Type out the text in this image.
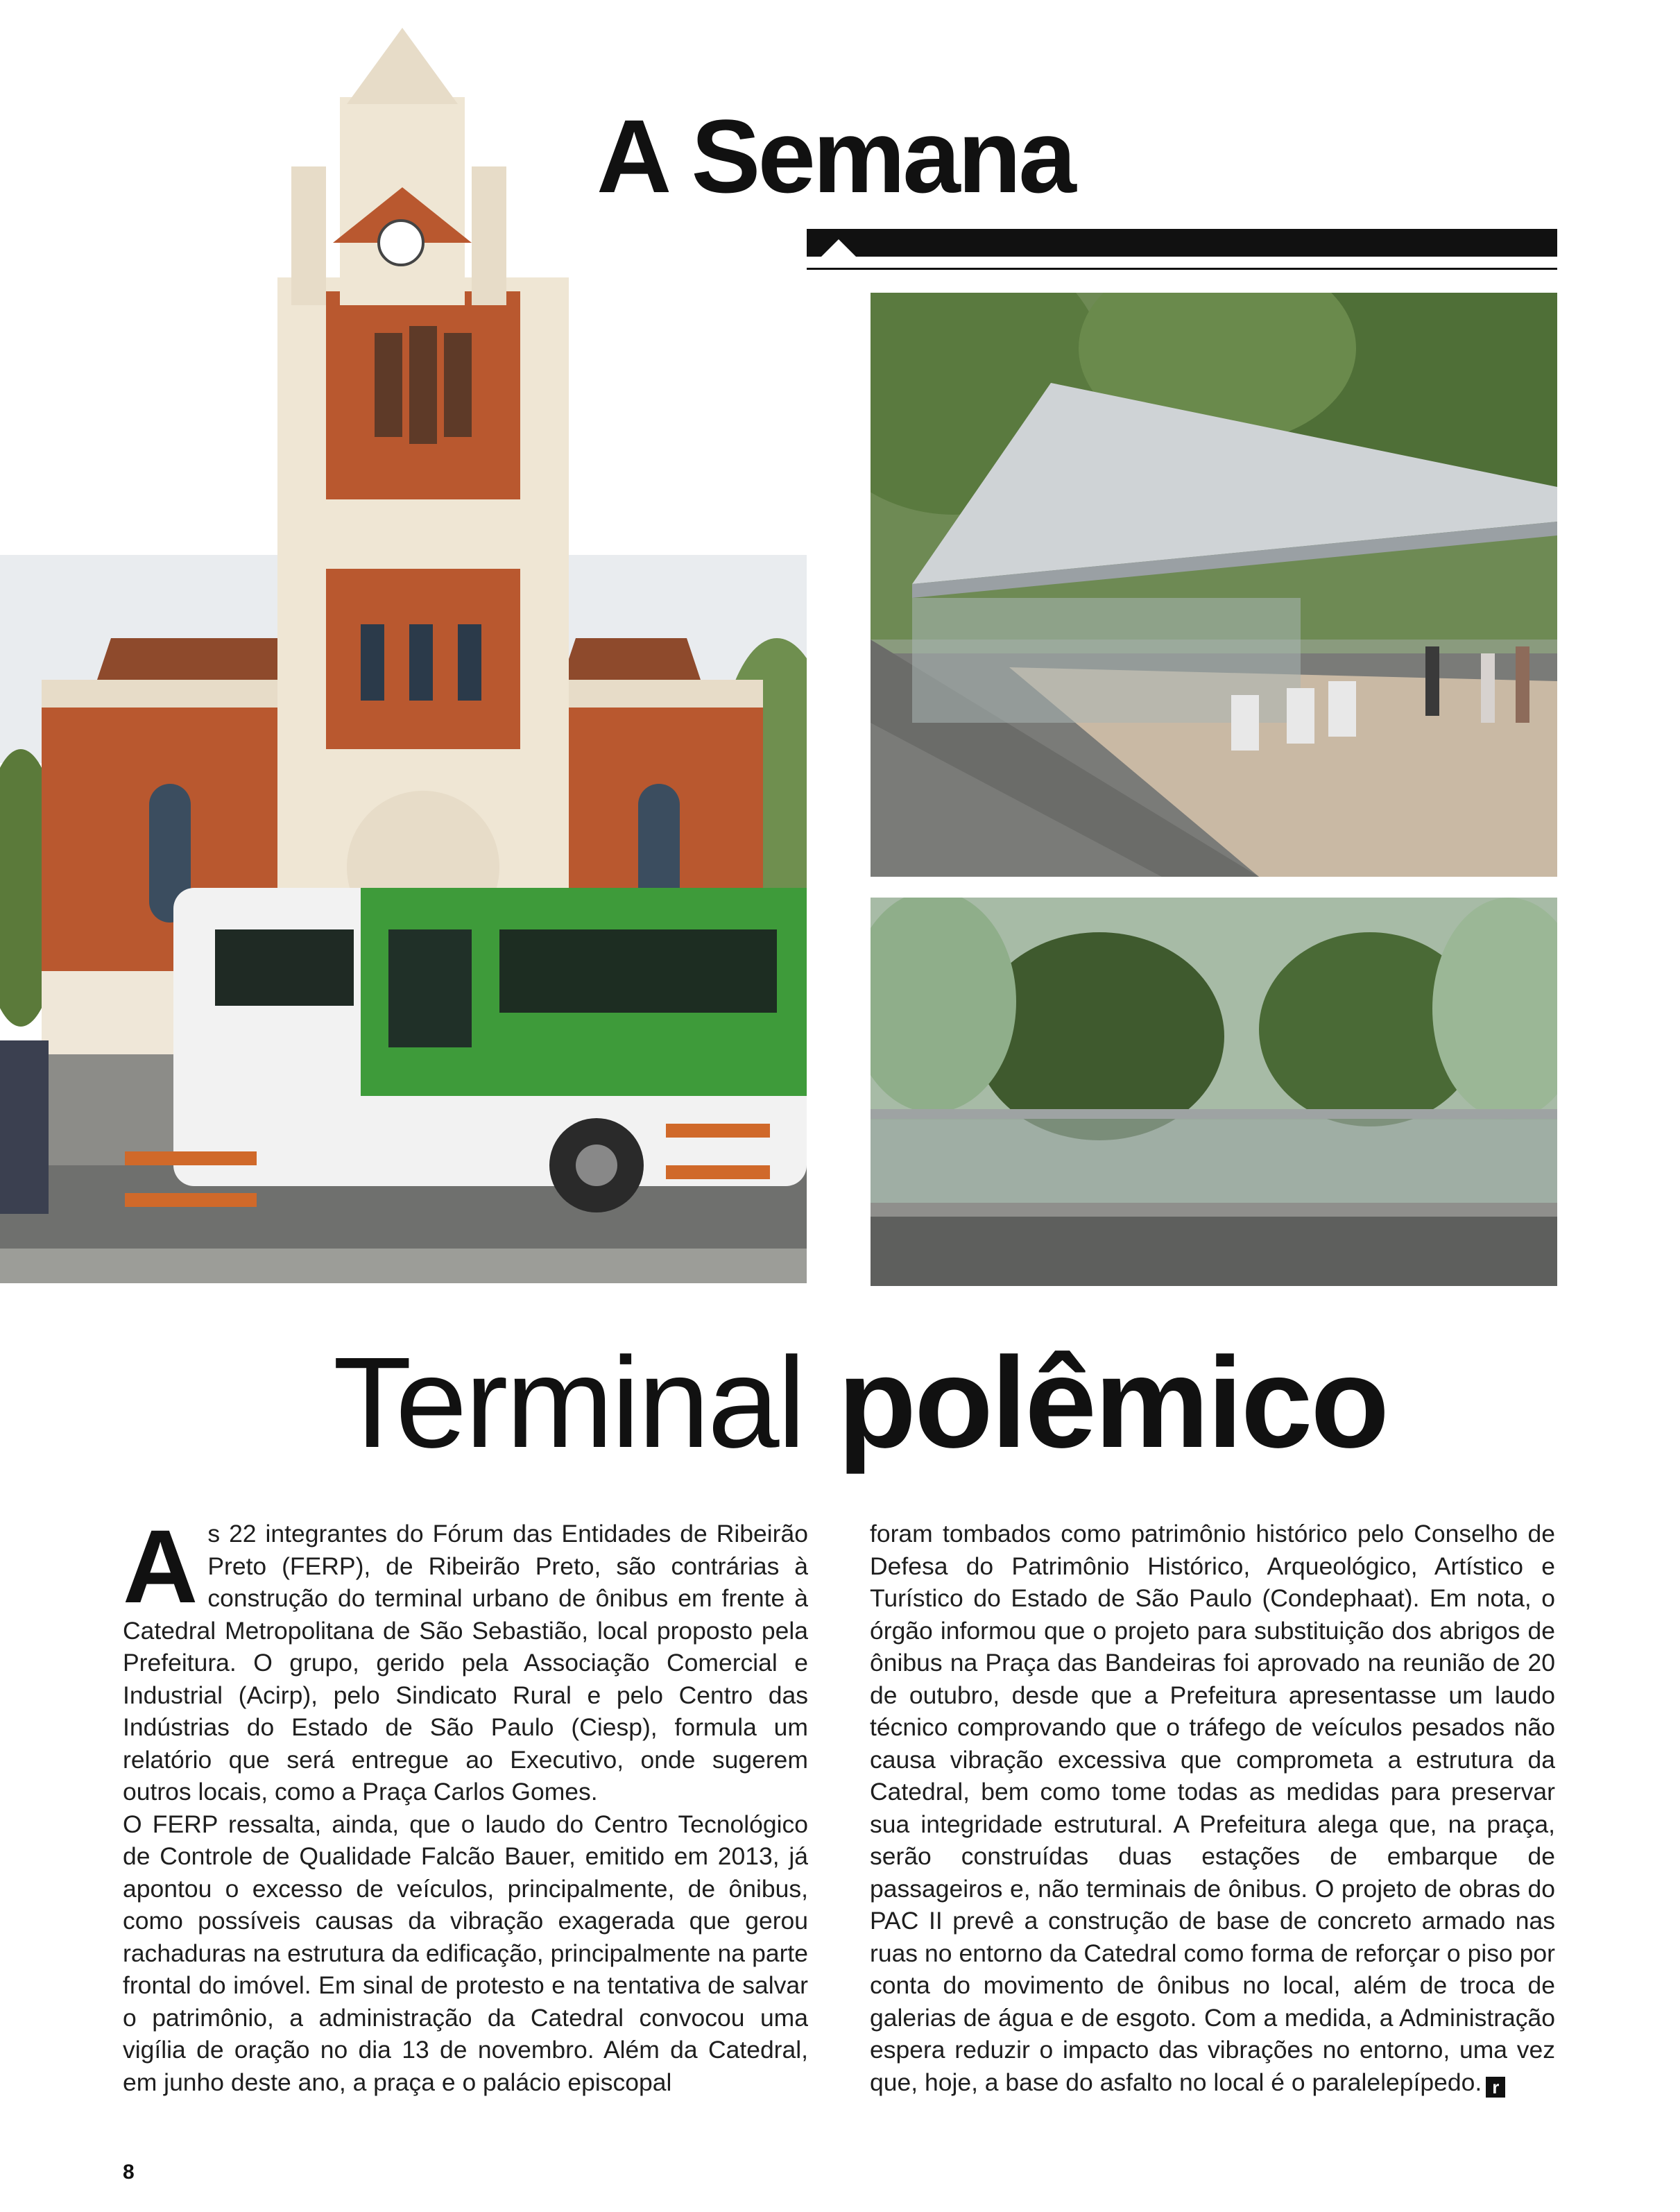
A Semana
Terminal polêmico

As 22 integrantes do Fórum das Entidades de Ribeirão Preto (FERP), de Ribeirão Preto, são contrárias à construção do terminal urbano de ônibus em frente à Catedral Metropolitana de São Sebastião, local proposto pela Prefeitura. O grupo, gerido pela Associação Comercial e Industrial (Acirp), pelo Sindicato Rural e pelo Centro das Indústrias do Estado de São Paulo (Ciesp), formula um relatório que será entregue ao Executivo, onde sugerem outros locais, como a Praça Carlos Gomes.

O FERP ressalta, ainda, que o laudo do Centro Tecnológico de Controle de Qualidade Falcão Bauer, emitido em 2013, já apontou o excesso de veículos, principalmente, de ônibus, como possíveis causas da vibração exagerada que gerou rachaduras na estrutura da edificação, principalmente na parte frontal do imóvel. Em sinal de protesto e na tentativa de salvar o patrimônio, a administração da Catedral convocou uma vigília de oração no dia 13 de novembro. Além da Catedral, em junho deste ano, a praça e o palácio episcopal

foram tombados como patrimônio histórico pelo Conselho de Defesa do Patrimônio Histórico, Arqueológico, Artístico e Turístico do Estado de São Paulo (Condephaat). Em nota, o órgão informou que o projeto para substituição dos abrigos de ônibus na Praça das Bandeiras foi aprovado na reunião de 20 de outubro, desde que a Prefeitura apresentasse um laudo técnico comprovando que o tráfego de veículos pesados não causa vibração excessiva que comprometa a estrutura da Catedral, bem como tome todas as medidas para preservar sua integridade estrutural. A Prefeitura alega que, na praça, serão construídas duas estações de embarque de passageiros e, não terminais de ônibus. O projeto de obras do PAC II prevê a construção de base de concreto armado nas ruas no entorno da Catedral como forma de reforçar o piso por conta do movimento de ônibus no local, além de troca de galerias de água e de esgoto. Com a medida, a Administração espera reduzir o impacto das vibrações no entorno, uma vez que, hoje, a base do asfalto no local é o paralelepípedo. r

8
